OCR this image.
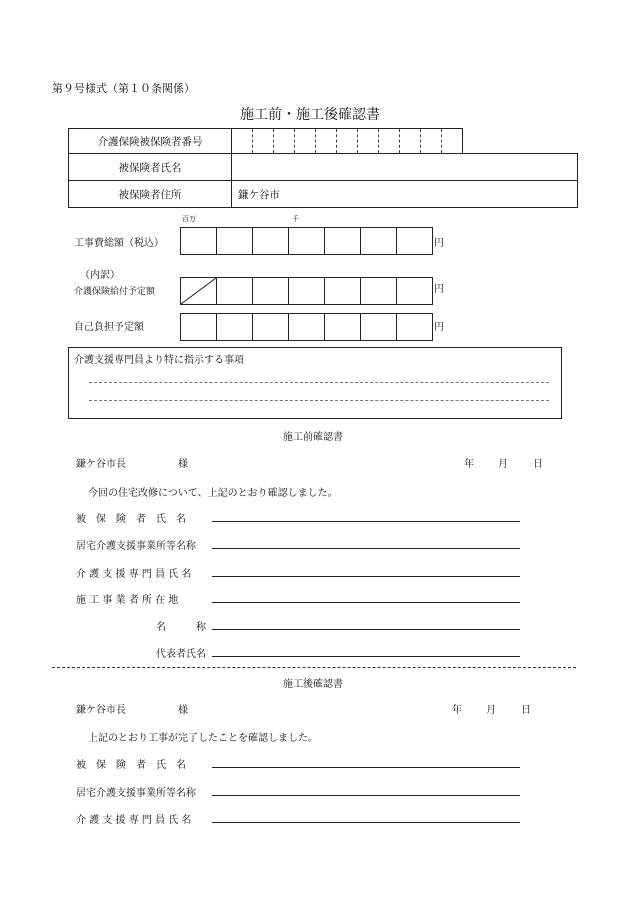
第９号様式（第１０条関係）
施工前・施工後確認書
介護保険被保険者番号	

被保険者氏名		
被保険者住所	鎌ケ谷市	
百万	千
工事費総額（税込）	円
（内訳）
介護保険給付予定額	円
自己負担予定額	円
介護支援専門員より特に指示する事項
施工前確認書
鎌ケ谷市長	様	年 月	日
今回の住宅改修について、上記のとおり確認しました。
被　保　険　者　氏　名
居宅介護支援事業所等名称
介 護 支 援 専 門 員 氏 名
施 工 事 業 者 所 在 地
名　　　称
代表者氏名
施工後確認書
鎌ケ谷市長	様	年 月	日
上記のとおり工事が完了したことを確認しました。
被　保　険　者　氏　名
居宅介護支援事業所等名称
介 護 支 援 専 門 員 氏 名
